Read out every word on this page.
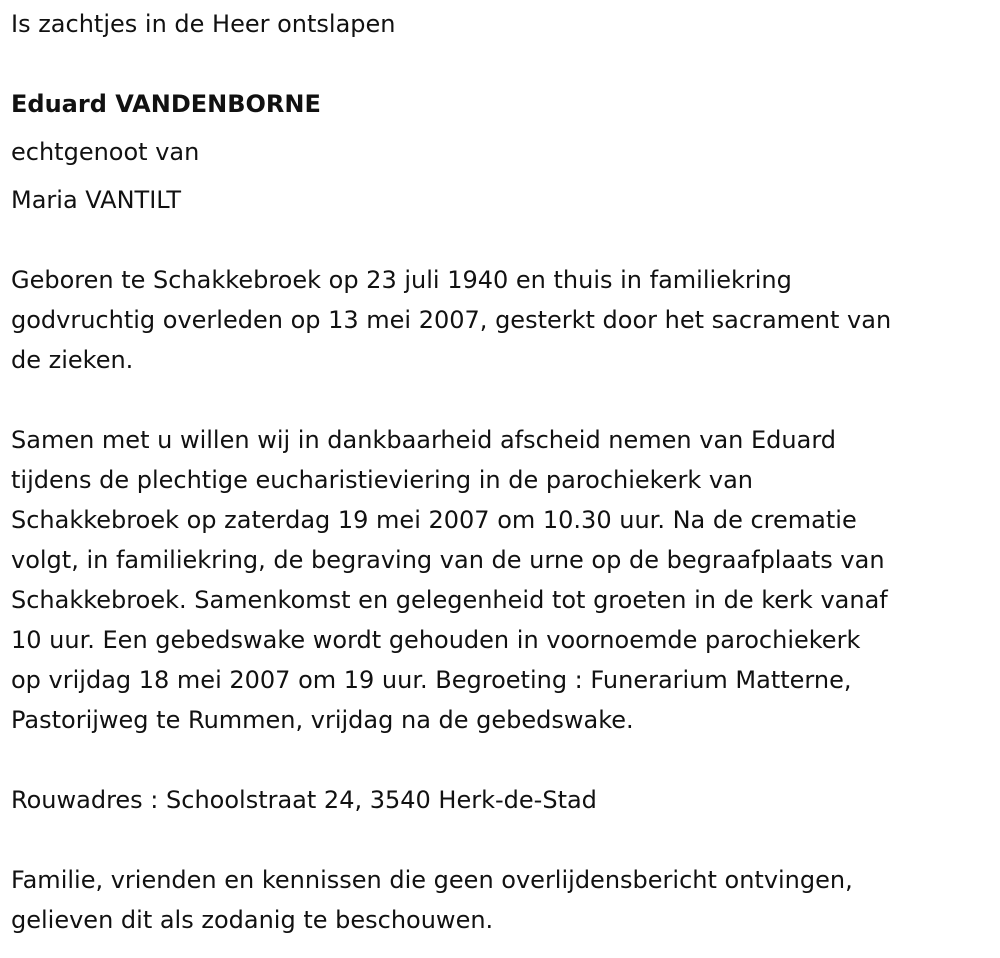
Is zachtjes in de Heer ontslapen

Eduard VANDENBORNE

echtgenoot van

Maria VANTILT

Geboren te Schakkebroek op 23 juli 1940 en thuis in familiekring
godvruchtig overleden op 13 mei 2007, gesterkt door het sacrament van
de zieken.
Samen met u willen wij in dankbaarheid afscheid nemen van Eduard
tijdens de plechtige eucharistieviering in de parochiekerk van
Schakkebroek op zaterdag 19 mei 2007 om 10.30 uur. Na de crematie
volgt, in familiekring, de begraving van de urne op de begraafplaats van
Schakkebroek. Samenkomst en gelegenheid tot groeten in de kerk vanaf
10 uur. Een gebedswake wordt gehouden in voornoemde parochiekerk
op vrijdag 18 mei 2007 om 19 uur. Begroeting : Funerarium Matterne,
Pastorijweg te Rummen, vrijdag na de gebedswake.

Rouwadres : Schoolstraat 24, 3540 Herk-de-Stad

Familie, vrienden en kennissen die geen overlijdensbericht ontvingen,
gelieven dit als zodanig te beschouwen.
